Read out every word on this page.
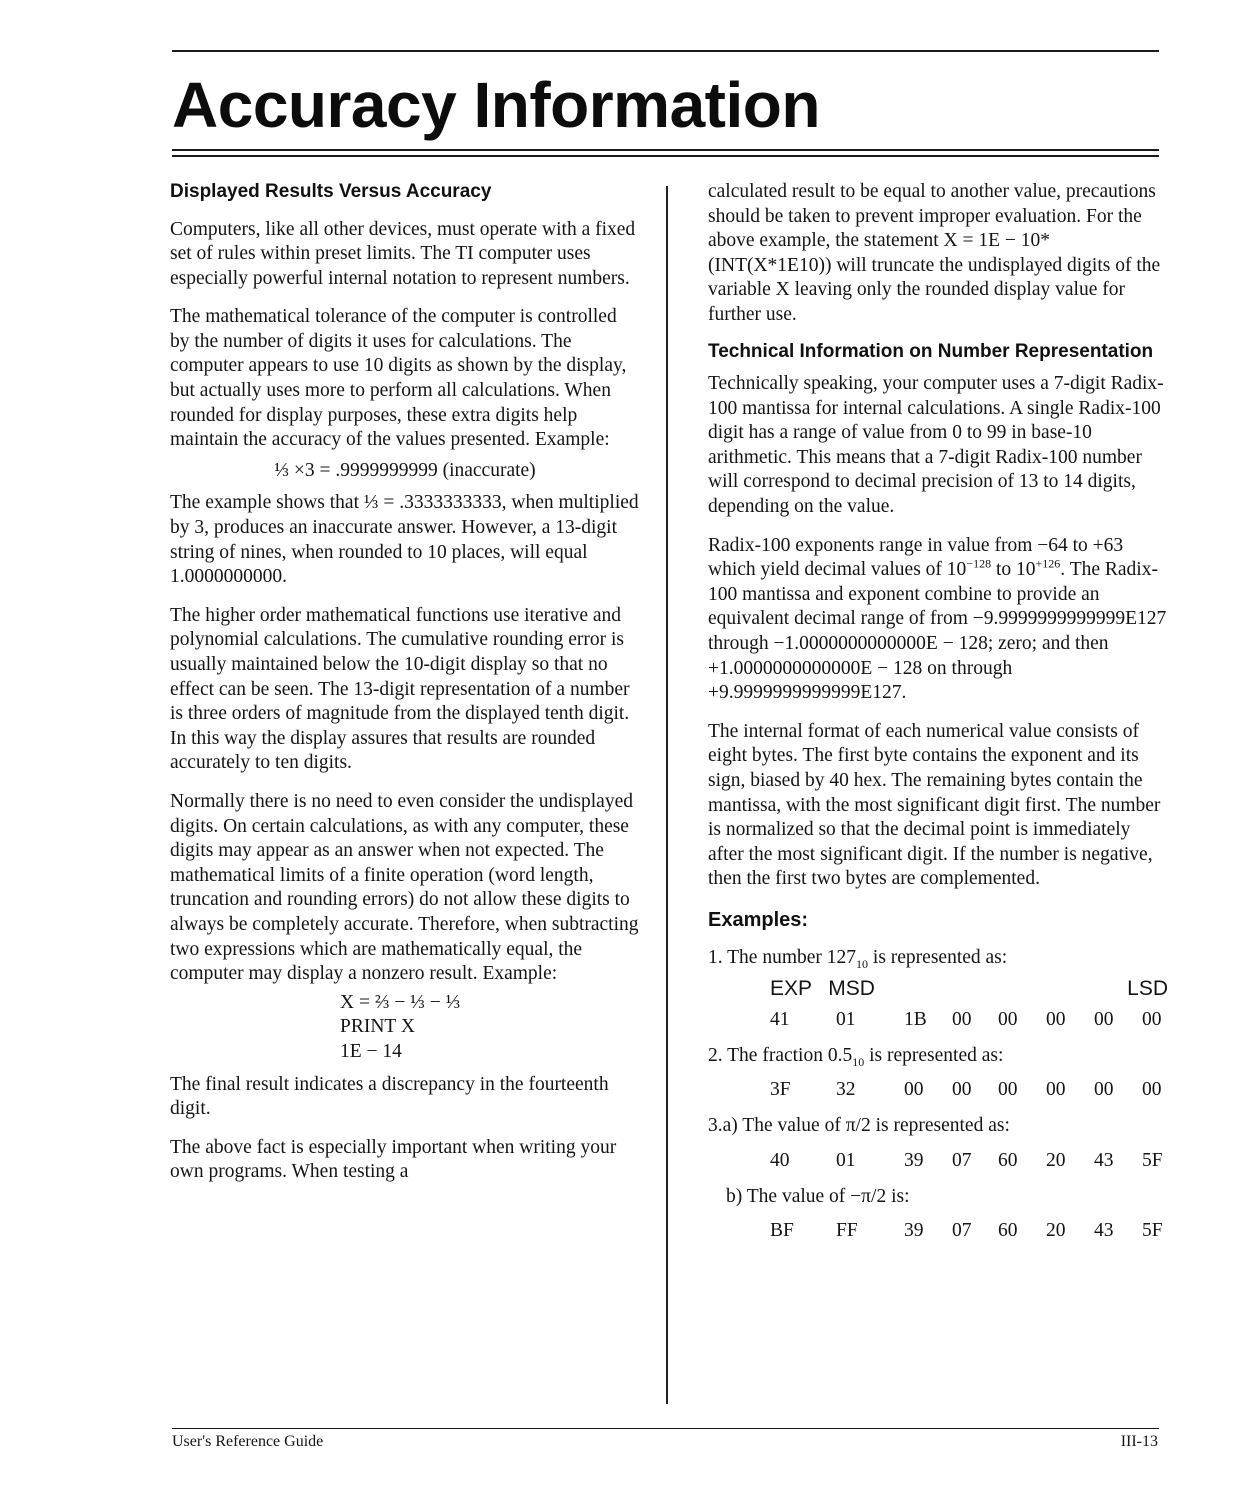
Accuracy Information
Displayed Results Versus Accuracy

Computers, like all other devices, must operate with a fixed set of rules within preset limits. The TI computer uses especially powerful internal notation to represent numbers.

The mathematical tolerance of the computer is controlled by the number of digits it uses for calculations. The computer appears to use 10 digits as shown by the display, but actually uses more to perform all calculations. When rounded for display purposes, these extra digits help maintain the accuracy of the values presented. Example:

⅓ ×3 = .9999999999 (inaccurate)

The example shows that ⅓ = .3333333333, when multiplied by 3, produces an inaccurate answer. However, a 13-digit string of nines, when rounded to 10 places, will equal 1.0000000000.

The higher order mathematical functions use iterative and polynomial calculations. The cumulative rounding error is usually maintained below the 10-digit display so that no effect can be seen. The 13-digit representation of a number is three orders of magnitude from the displayed tenth digit. In this way the display assures that results are rounded accurately to ten digits.

Normally there is no need to even consider the undisplayed digits. On certain calculations, as with any computer, these digits may appear as an answer when not expected. The mathematical limits of a finite operation (word length, truncation and rounding errors) do not allow these digits to always be completely accurate. Therefore, when subtracting two expressions which are mathematically equal, the computer may display a nonzero result. Example:

X = ⅔ − ⅓ − ⅓
PRINT X
1E − 14

The final result indicates a discrepancy in the fourteenth digit.

The above fact is especially important when writing your own programs. When testing a

calculated result to be equal to another value, precautions should be taken to prevent improper evaluation. For the above example, the statement X = 1E − 10*(INT(X*1E10)) will truncate the undisplayed digits of the variable X leaving only the rounded display value for further use.

Technical Information on Number Representation

Technically speaking, your computer uses a 7-digit Radix-100 mantissa for internal calculations. A single Radix-100 digit has a range of value from 0 to 99 in base-10 arithmetic. This means that a 7-digit Radix-100 number will correspond to decimal precision of 13 to 14 digits, depending on the value.

Radix-100 exponents range in value from −64 to +63 which yield decimal values of $10^{-128}$ to $10^{+126}$. The Radix-100 mantissa and exponent combine to provide an equivalent decimal range of from −9.9999999999999E127 through −1.0000000000000E − 128; zero; and then +1.0000000000000E − 128 on through +9.9999999999999E127.

The internal format of each numerical value consists of eight bytes. The first byte contains the exponent and its sign, biased by 40 hex. The remaining bytes contain the mantissa, with the most significant digit first. The number is normalized so that the decimal point is immediately after the most significant digit. If the number is negative, then the first two bytes are complemented.

Examples:
1. The number $127_{10}$ is represented as:
EXP MSD	LSD
41 01 1B 00 00 00 00 00
2. The fraction $0.5_{10}$ is represented as:
3F 32 00 00 00 00 00 00
3.a) The value of π/2 is represented as:
40 01 39 07 60 20 43 5F
b) The value of −π/2 is:
BF FF 39 07 60 20 43 5F
User's Reference Guide	III-13
